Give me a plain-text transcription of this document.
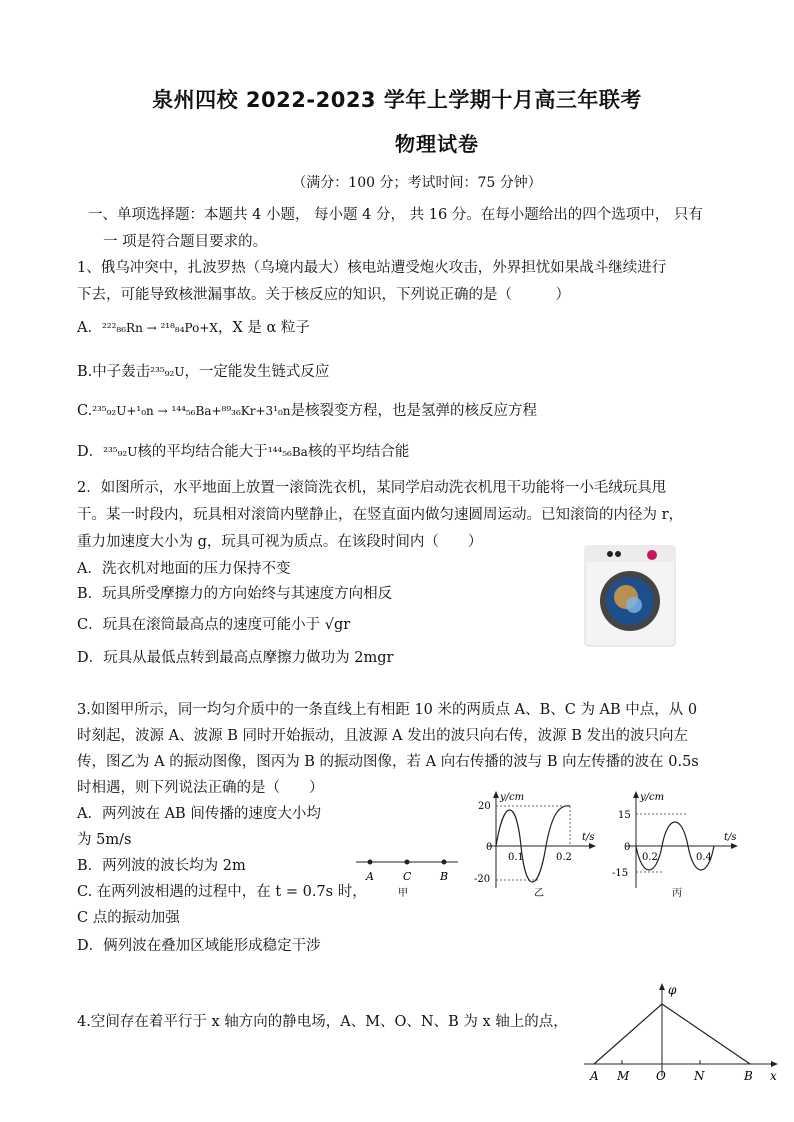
泉州四校 2022-2023 学年上学期十月高三年联考
物理试卷
（满分：100 分；考试时间：75 分钟）
一、单项选择题：本题共 4 小题， 每小题 4 分， 共 16 分。在每小题给出的四个选项中， 只有
一 项是符合题目要求的。
1、俄乌冲突中，扎波罗热（乌境内最大）核电站遭受炮火攻击，外界担忧如果战斗继续进行
下去，可能导致核泄漏事故。关于核反应的知识，下列说正确的是（　　　）
A．²²²₈₆Rn → ²¹⁸₈₄Po+X，X 是 α 粒子
B.中子轰击²³⁵₉₂U，一定能发生链式反应
C.²³⁵₉₂U+¹₀n → ¹⁴⁴₅₆Ba+⁸⁹₃₆Kr+3¹₀n是核裂变方程，也是氢弹的核反应方程
D．²³⁵₉₂U核的平均结合能大于¹⁴⁴₅₆Ba核的平均结合能
2．如图所示，水平地面上放置一滚筒洗衣机，某同学启动洗衣机甩干功能将一小毛绒玩具甩
干。某一时段内，玩具相对滚筒内壁静止，在竖直面内做匀速圆周运动。已知滚筒的内径为 r，
重力加速度大小为 g，玩具可视为质点。在该段时间内（　　）
A．洗衣机对地面的压力保持不变
B．玩具所受摩擦力的方向始终与其速度方向相反
C．玩具在滚筒最高点的速度可能小于 √gr
D．玩具从最低点转到最高点摩擦力做功为 2mgr
3.如图甲所示，同一均匀介质中的一条直线上有相距 10 米的两质点 A、B、C 为 AB 中点，从 0
时刻起，波源 A、波源 B 同时开始振动，且波源 A 发出的波只向右传，波源 B 发出的波只向左
传，图乙为 A 的振动图像，图丙为 B 的振动图像，若 A 向右传播的波与 B 向左传播的波在 0.5s
时相遇，则下列说法正确的是（　　）
A．两列波在 AB 间传播的速度大小均
为 5m/s
B．两列波的波长均为 2m
C. 在两列波相遇的过程中，在 t = 0.7s 时，
C 点的振动加强
D．俩列波在叠加区域能形成稳定干涉
A	C	B
甲
y/cm
t/s
20
-20
0
0.1	0.2
乙
y/cm
t/s
15
-15
0
0.2	0.4
丙
4.空间存在着平行于 x 轴方向的静电场，A、M、O、N、B 为 x 轴上的点，
φ
x
A M O N	B
